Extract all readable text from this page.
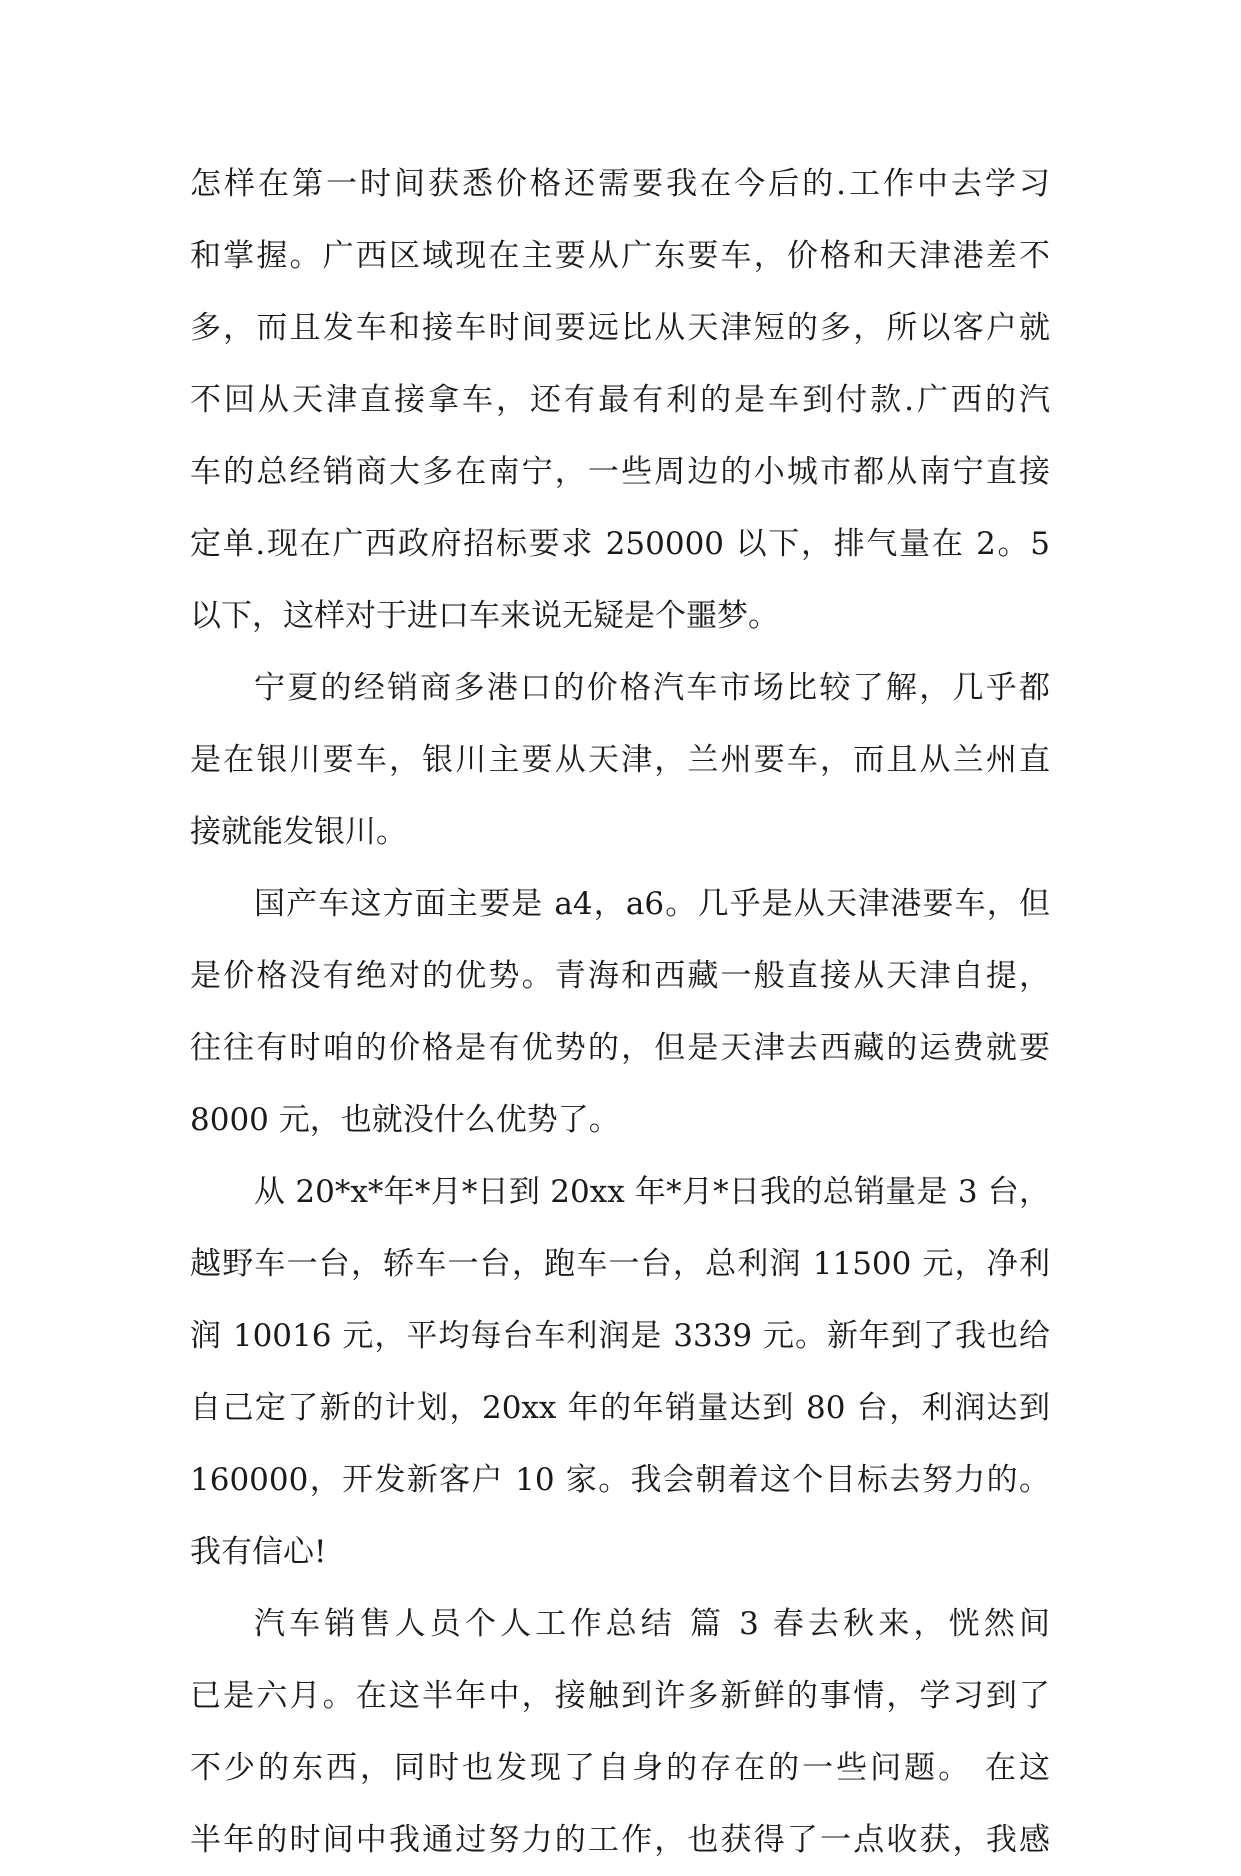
怎样在第一时间获悉价格还需要我在今后的.工作中去学习
和掌握。广西区域现在主要从广东要车，价格和天津港差不
多，而且发车和接车时间要远比从天津短的多，所以客户就
不回从天津直接拿车，还有最有利的是车到付款.广西的汽
车的总经销商大多在南宁，一些周边的小城市都从南宁直接
定单.现在广西政府招标要求 250000 以下，排气量在 2。5
以下，这样对于进口车来说无疑是个噩梦。
宁夏的经销商多港口的价格汽车市场比较了解，几乎都
是在银川要车，银川主要从天津，兰州要车，而且从兰州直
接就能发银川。
国产车这方面主要是 a4，a6。几乎是从天津港要车，但
是价格没有绝对的优势。青海和西藏一般直接从天津自提，
往往有时咱的价格是有优势的，但是天津去西藏的运费就要
8000 元，也就没什么优势了。
从 20*x*年*月*日到 20xx 年*月*日我的总销量是 3 台，
越野车一台，轿车一台，跑车一台，总利润 11500 元，净利
润 10016 元，平均每台车利润是 3339 元。新年到了我也给
自己定了新的计划，20xx 年的年销量达到 80 台，利润达到
160000，开发新客户 10 家。我会朝着这个目标去努力的。
我有信心!
汽车销售人员个人工作总结 篇 3 春去秋来，恍然间
已是六月。在这半年中，接触到许多新鲜的事情，学习到了
不少的东西，同时也发现了自身的存在的一些问题。 在这
半年的时间中我通过努力的工作，也获得了一点收获，我感
